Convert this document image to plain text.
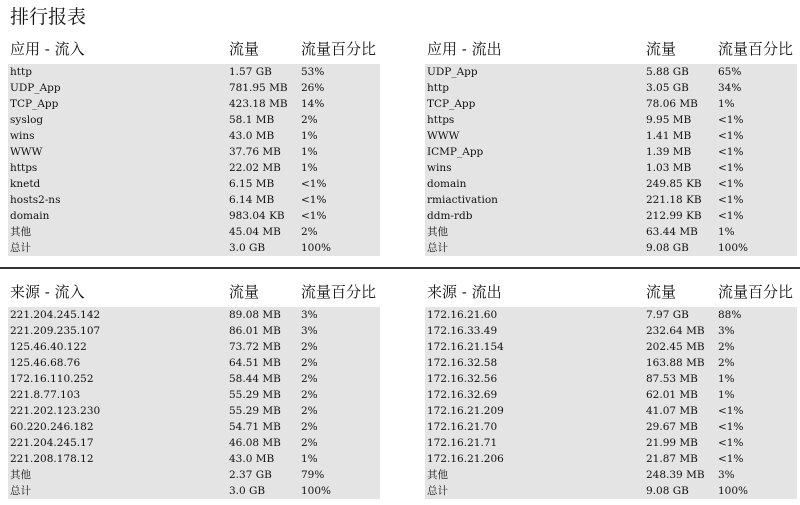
排行报表
应用 - 流入	流量	流量百分比
http	1.57 GB	53%
UDP_App	781.95 MB 26%
TCP_App	423.18 MB 14%
syslog	58.1 MB	2%
wins	43.0 MB	1%
WWW	37.76 MB 1%
https	22.02 MB 1%
knetd	6.15 MB	<1%
hosts2-ns	6.14 MB	<1%
domain	983.04 KB <1%
其他	45.04 MB 2%
总计	3.0 GB	100%
应用 - 流出	流量	流量百分比
UDP_App	5.88 GB	65%
http	3.05 GB	34%
TCP_App	78.06 MB 1%
https	9.95 MB	<1%
WWW	1.41 MB	<1%
ICMP_App	1.39 MB	<1%
wins	1.03 MB	<1%
domain	249.85 KB <1%
rmiactivation	221.18 KB <1%
ddm-rdb	212.99 KB <1%
其他	63.44 MB 1%
总计	9.08 GB	100%
来源 - 流入	流量	流量百分比
221.204.245.142	89.08 MB 3%
221.209.235.107	86.01 MB 3%
125.46.40.122	73.72 MB 2%
125.46.68.76	64.51 MB 2%
172.16.110.252	58.44 MB 2%
221.8.77.103	55.29 MB 2%
221.202.123.230	55.29 MB 2%
60.220.246.182	54.71 MB 2%
221.204.245.17	46.08 MB 2%
221.208.178.12	43.0 MB	1%
其他	2.37 GB	79%
总计	3.0 GB	100%
来源 - 流出	流量	流量百分比
172.16.21.60	7.97 GB	88%
172.16.33.49	232.64 MB 3%
172.16.21.154	202.45 MB 2%
172.16.32.58	163.88 MB 2%
172.16.32.56	87.53 MB 1%
172.16.32.69	62.01 MB 1%
172.16.21.209	41.07 MB <1%
172.16.21.70	29.67 MB <1%
172.16.21.71	21.99 MB <1%
172.16.21.206	21.87 MB <1%
其他	248.39 MB 3%
总计	9.08 GB	100%
